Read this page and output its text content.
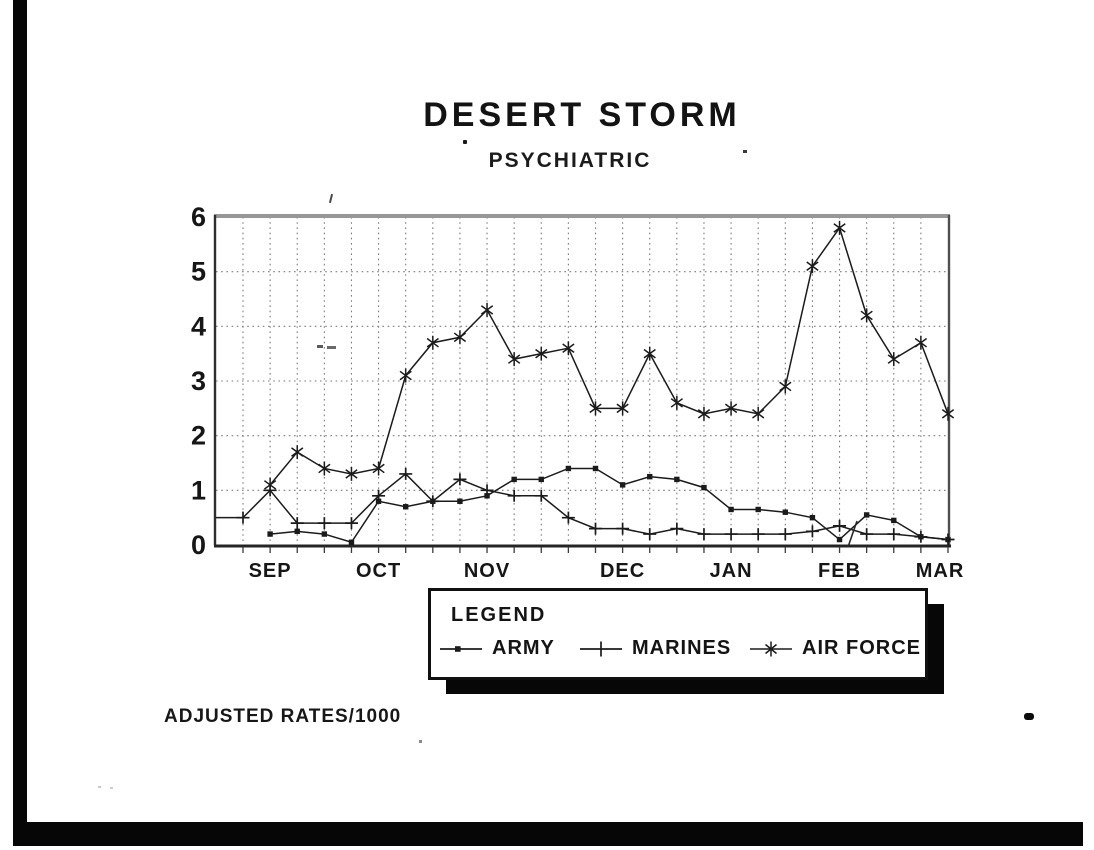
DESERT STORM
PSYCHIATRIC
0
1
2
3
4
5
6
SEP	OCT	NOV	DEC	JAN	FEB	MAR
LEGEND
ARMY	MARINES	AIR FORCE
ADJUSTED RATES/1000
